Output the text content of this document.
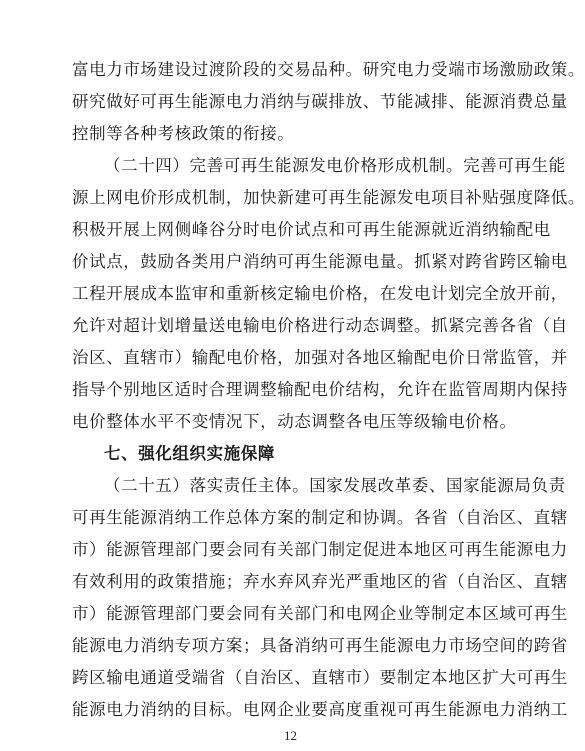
富电力市场建设过渡阶段的交易品种。研究电力受端市场激励政策。
研究做好可再生能源电力消纳与碳排放、节能减排、能源消费总量
控制等各种考核政策的衔接。
（二十四）完善可再生能源发电价格形成机制。完善可再生能
源上网电价形成机制，加快新建可再生能源发电项目补贴强度降低。
积极开展上网侧峰谷分时电价试点和可再生能源就近消纳输配电
价试点，鼓励各类用户消纳可再生能源电量。抓紧对跨省跨区输电
工程开展成本监审和重新核定输电价格，在发电计划完全放开前，
允许对超计划增量送电输电价格进行动态调整。抓紧完善各省（自
治区、直辖市）输配电价格，加强对各地区输配电价日常监管，并
指导个别地区适时合理调整输配电价结构，允许在监管周期内保持
电价整体水平不变情况下，动态调整各电压等级输电价格。
七、强化组织实施保障
（二十五）落实责任主体。国家发展改革委、国家能源局负责
可再生能源消纳工作总体方案的制定和协调。各省（自治区、直辖
市）能源管理部门要会同有关部门制定促进本地区可再生能源电力
有效利用的政策措施；弃水弃风弃光严重地区的省（自治区、直辖
市）能源管理部门要会同有关部门和电网企业等制定本区域可再生
能源电力消纳专项方案；具备消纳可再生能源电力市场空间的跨省
跨区输电通道受端省（自治区、直辖市）要制定本地区扩大可再生
能源电力消纳的目标。电网企业要高度重视可再生能源电力消纳工
12
